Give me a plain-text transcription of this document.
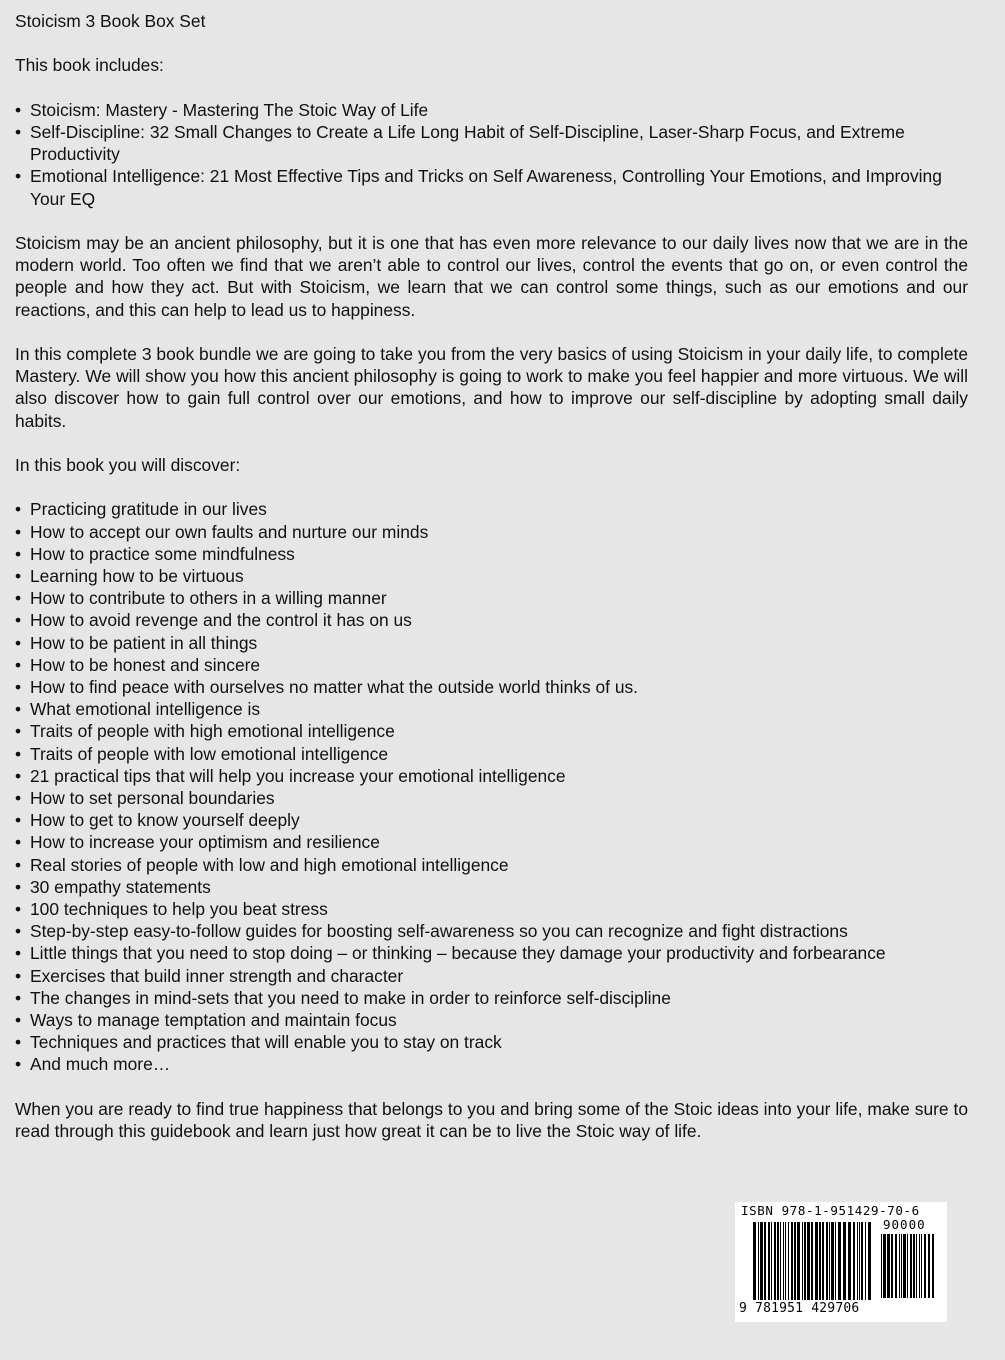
Stoicism 3 Book Box Set

This book includes:

• Stoicism: Mastery - Mastering The Stoic Way of Life
• Self-Discipline: 32 Small Changes to Create a Life Long Habit of Self-Discipline, Laser-Sharp Focus, and Extreme Productivity
• Emotional Intelligence: 21 Most Effective Tips and Tricks on Self Awareness, Controlling Your Emotions, and Improving Your EQ

Stoicism may be an ancient philosophy, but it is one that has even more relevance to our daily lives now that we are in the modern world. Too often we find that we aren’t able to control our lives, control the events that go on, or even control the people and how they act. But with Stoicism, we learn that we can control some things, such as our emotions and our reactions, and this can help to lead us to happiness.

In this complete 3 book bundle we are going to take you from the very basics of using Stoicism in your daily life, to complete Mastery. We will show you how this ancient philosophy is going to work to make you feel happier and more virtuous. We will also discover how to gain full control over our emotions, and how to improve our self-discipline by adopting small daily habits.

In this book you will discover:

• Practicing gratitude in our lives
• How to accept our own faults and nurture our minds
• How to practice some mindfulness
• Learning how to be virtuous
• How to contribute to others in a willing manner
• How to avoid revenge and the control it has on us
• How to be patient in all things
• How to be honest and sincere
• How to find peace with ourselves no matter what the outside world thinks of us.
• What emotional intelligence is
• Traits of people with high emotional intelligence
• Traits of people with low emotional intelligence
• 21 practical tips that will help you increase your emotional intelligence
• How to set personal boundaries
• How to get to know yourself deeply
• How to increase your optimism and resilience
• Real stories of people with low and high emotional intelligence
• 30 empathy statements
• 100 techniques to help you beat stress
• Step-by-step easy-to-follow guides for boosting self-awareness so you can recognize and fight distractions
• Little things that you need to stop doing – or thinking – because they damage your productivity and forbearance
• Exercises that build inner strength and character
• The changes in mind-sets that you need to make in order to reinforce self-discipline
• Ways to manage temptation and maintain focus
• Techniques and practices that will enable you to stay on track
• And much more…

When you are ready to find true happiness that belongs to you and bring some of the Stoic ideas into your life, make sure to read through this guidebook and learn just how great it can be to live the Stoic way of life.

ISBN 978-1-951429-70-6
90000
9 781951 429706
